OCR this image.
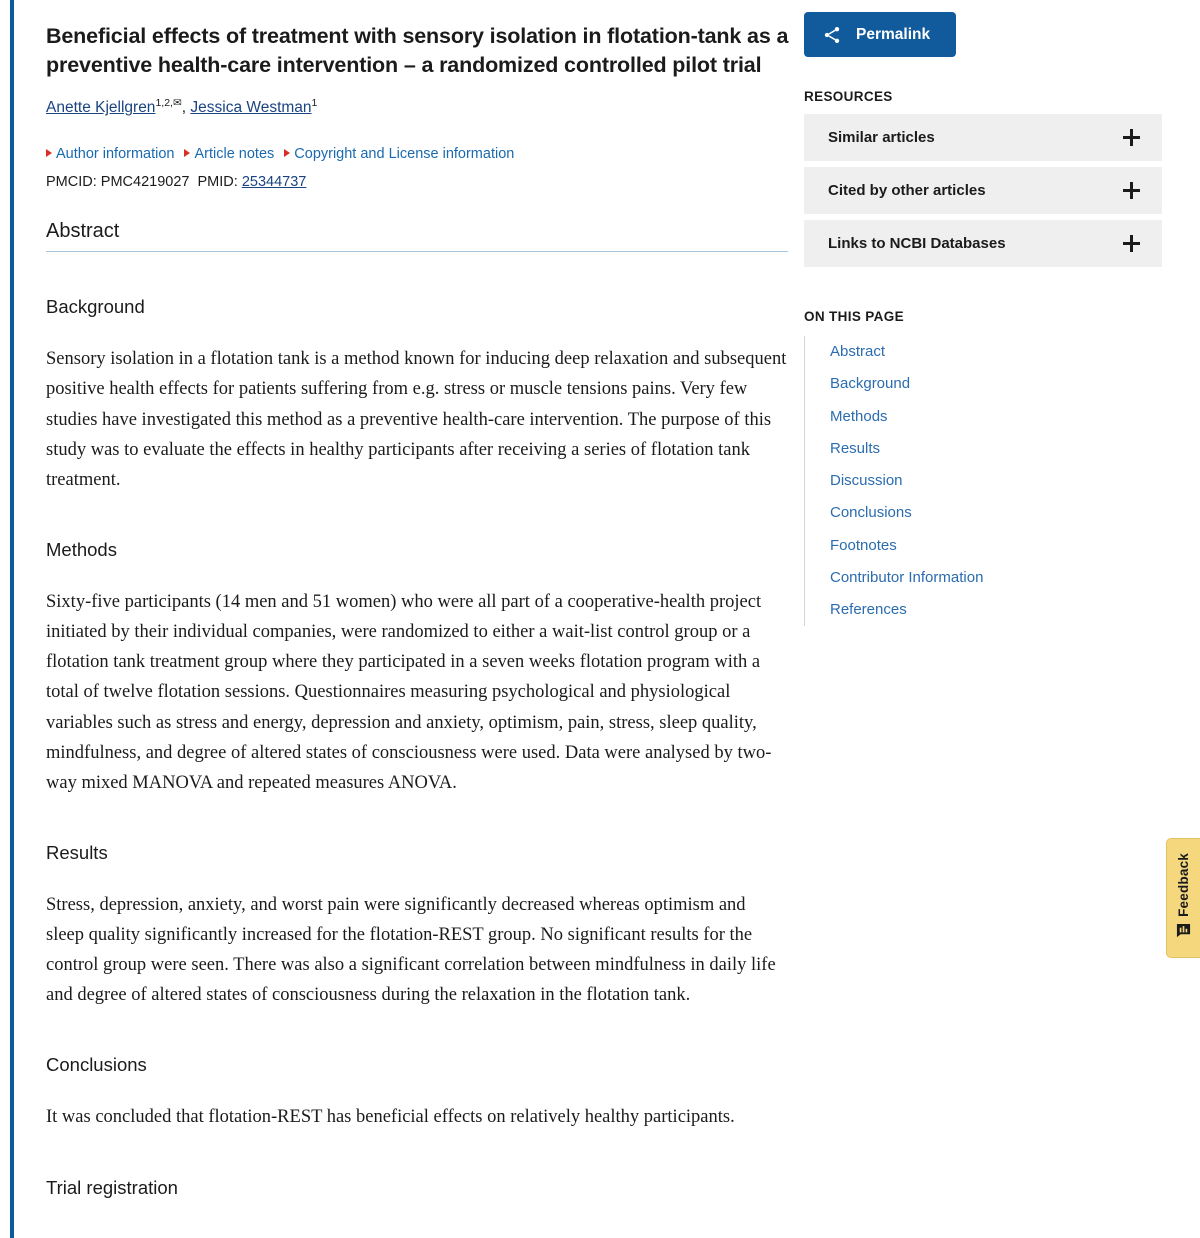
Beneficial effects of treatment with sensory isolation in flotation-tank as a preventive health-care intervention – a randomized controlled pilot trial
Anette Kjellgren$^{1,2,✉}$, Jessica Westman$^1$
Author information Article notes Copyright and License information
PMCID: PMC4219027 PMID: 25344737
Abstract
Background

Sensory isolation in a flotation tank is a method known for inducing deep relaxation and subsequent positive health effects for patients suffering from e.g. stress or muscle tensions pains. Very few studies have investigated this method as a preventive health-care intervention. The purpose of this study was to evaluate the effects in healthy participants after receiving a series of flotation tank treatment.

Methods

Sixty-five participants (14 men and 51 women) who were all part of a cooperative-health project initiated by their individual companies, were randomized to either a wait-list control group or a flotation tank treatment group where they participated in a seven weeks flotation program with a total of twelve flotation sessions. Questionnaires measuring psychological and physiological variables such as stress and energy, depression and anxiety, optimism, pain, stress, sleep quality, mindfulness, and degree of altered states of consciousness were used. Data were analysed by two-way mixed MANOVA and repeated measures ANOVA.

Results

Stress, depression, anxiety, and worst pain were significantly decreased whereas optimism and sleep quality significantly increased for the flotation-REST group. No significant results for the control group were seen. There was also a significant correlation between mindfulness in daily life and degree of altered states of consciousness during the relaxation in the flotation tank.

Conclusions

It was concluded that flotation-REST has beneficial effects on relatively healthy participants.

Trial registration
Permalink
RESOURCES
Similar articles
Cited by other articles
Links to NCBI Databases
ON THIS PAGE
Abstract
Background
Methods
Results
Discussion
Conclusions
Footnotes
Contributor Information
References
Feedback
